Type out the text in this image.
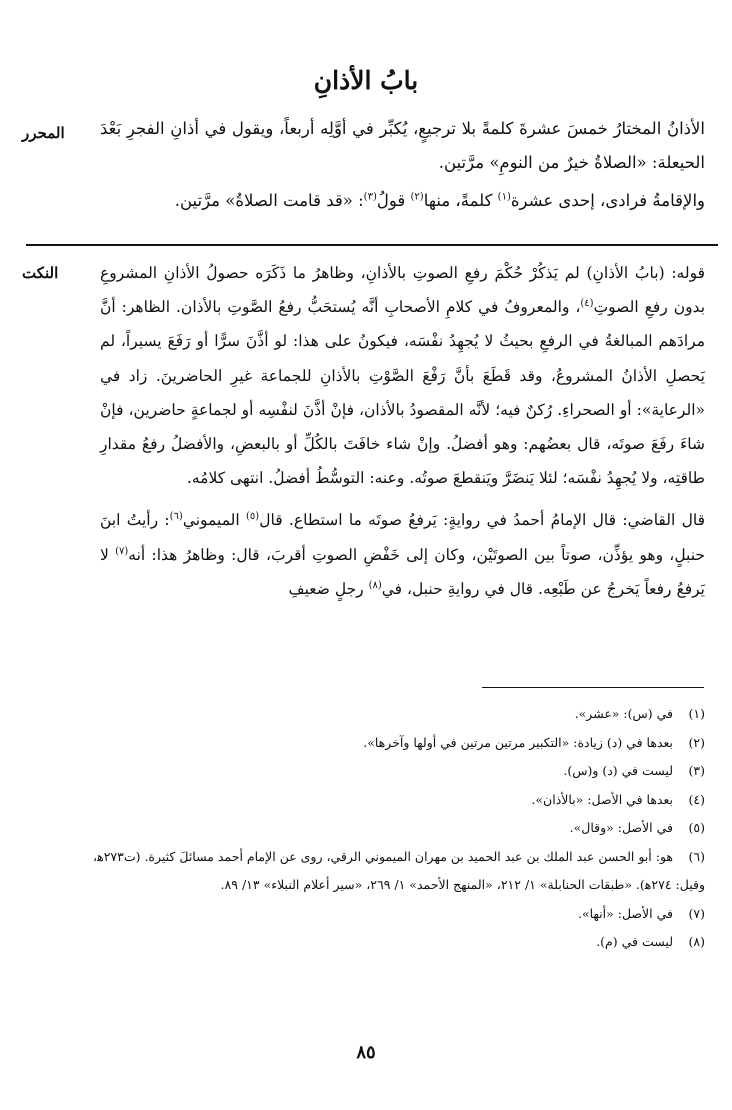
بابُ الأذانِ
المحرر	الأذانُ المختارُ خمسَ عشرةَ كلمةً بلا ترجيعٍ، يُكبِّر في أوَّلِه أربعاً، ويقول في أذانِ الفجرِ بَعْدَ الحيعلة: «الصلاةُ خيرٌ من النومِ» مرَّتين.

والإقامةُ فرادى، إحدى عشرة$^{(١)}$ كلمةً، منها$^{(٢)}$ قولُ$^{(٣)}$: «قد قامت الصلاةُ» مرَّتين.

النكت	قوله: (بابُ الأذانِ) لم يَذكُرْ حُكْمَ رفعِ الصوتِ بالأذانِ، وظاهرُ ما ذَكَرَه حصولُ الأذانِ المشروعِ بدون رفعِ الصوتِ$^{(٤)}$، والمعروفُ في كلامِ الأصحابِ أنَّه يُستحَبُّ رفعُ الصَّوتِ بالأذان. الظاهر: أنَّ مرادَهم المبالغةُ في الرفعِ بحيثُ لا يُجهِدُ نفْسَه، فيكونُ على هذا: لو أذَّنَ سرًّا أو رَفَعَ يسيراً، لم يَحصلِ الأذانُ المشروعُ، وقد قَطَعَ بأنَّ رَفْعَ الصَّوْتِ بالأذانِ للجماعة غيرِ الحاضرينَ. زاد في «الرعاية»: أو الصحراءِ. رُكنٌ فيه؛ لأنَّه المقصودُ بالأذان، فإنْ أذَّنَ لنفْسِه أو لجماعةٍ حاضرين، فإنْ شاءَ رفَعَ صوتَه، قال بعضُهم: وهو أفضلُ. وإنْ شاء خافَتَ بالكُلِّ أو بالبعضِ، والأفضلُ رفعُ مقدارِ طاقتِه، ولا يُجهِدُ نفْسَه؛ لئلا يَنضَرَّ ويَنقطعَ صوتُه. وعنه: التوسُّطُ أفضلُ. انتهى كلامُه.

قال القاضي: قال الإمامُ أحمدُ في روايةٍ: يَرفعُ صوتَه ما استطاع. قال$^{(٥)}$ الميموني$^{(٦)}$: رأيتُ ابنَ حنبلٍ، وهو يؤذِّن، صوتاً بين الصوتَيْن، وكان إلى خَفْضِ الصوتِ أقربَ، قال: وظاهرُ هذا: أنه$^{(٧)}$ لا يَرفعُ رفعاً يَخرجُ عن طَبْعِه. قال في روايةِ حنبل، في$^{(٨)}$ رجلٍ ضعيفِ

(١) في (س): «عشر».

(٢) بعدها في (د) زيادة: «التكبير مرتين مرتين في أولها وآخرها».

(٣) ليست في (د) و(س).

(٤) بعدها في الأصل: «بالأذان».

(٥) في الأصل: «وقال».

(٦) هو: أبو الحسن عبد الملك بن عبد الحميد بن مهران الميموني الرقي، روى عن الإمام أحمد مسائلَ كثيرة. (ت٢٧٣ﻫ، وقيل: ٢٧٤ﻫ). «طبقات الحنابلة» ١/ ٢١٢، «المنهج الأحمد» ١/ ٢٦٩، «سير أعلام النبلاء» ١٣/ ٨٩.

(٧) في الأصل: «أنها».

(٨) ليست في (م).

٨٥
